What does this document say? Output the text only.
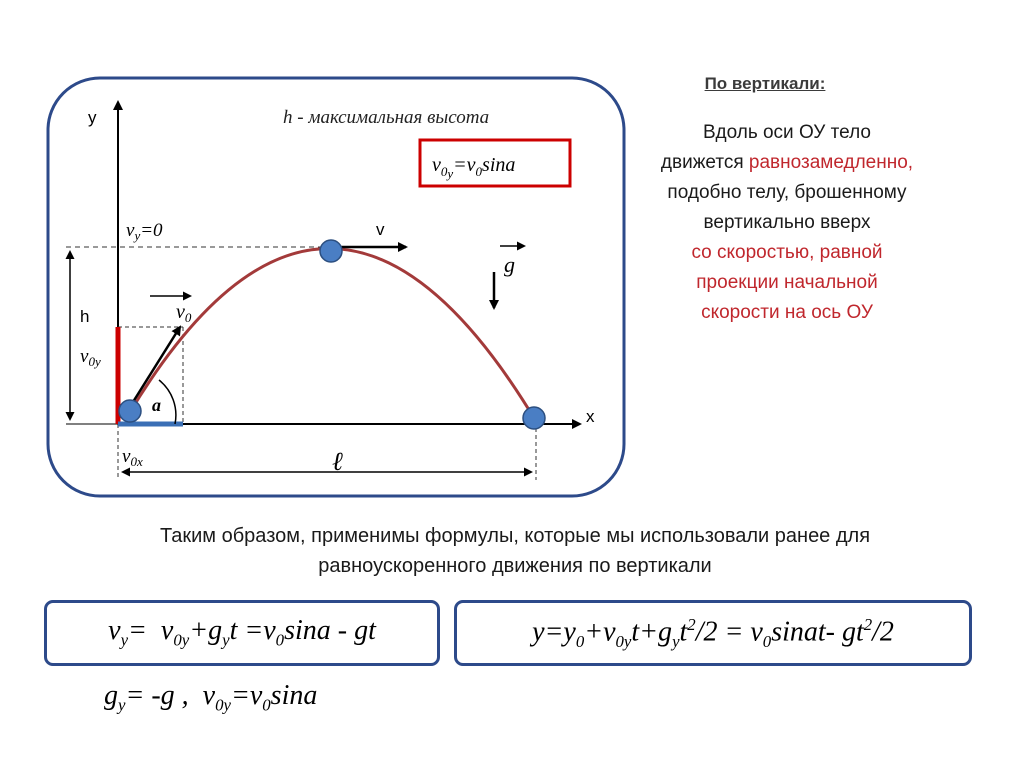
y
x
h - максимальная высота
$v_0y=v_0\sin a$
a
$v_0$
h
$v_{0y}$
$v_{0x}$	ℓ
$v_y=0$	v
g
По вертикали:
Вдоль оси ОУ тело
движется равнозамедленно,
подобно телу, брошенному
вертикально вверх
со скоростью, равной
проекции начальной
скорости на ось ОУ
Таким образом, применимы формулы, которые мы использовали ранее для
равноускоренного движения по вертикали
$v_y= v_{0y}+g_yt =v_0\sin a$ - gt	$y=y_0+v_{0y}t+g_yt^2/2$ = $v_0sinat-$ $gt^2/2$
$g_y= -g$ ,  $v_{0y}=v_0\sin a$
